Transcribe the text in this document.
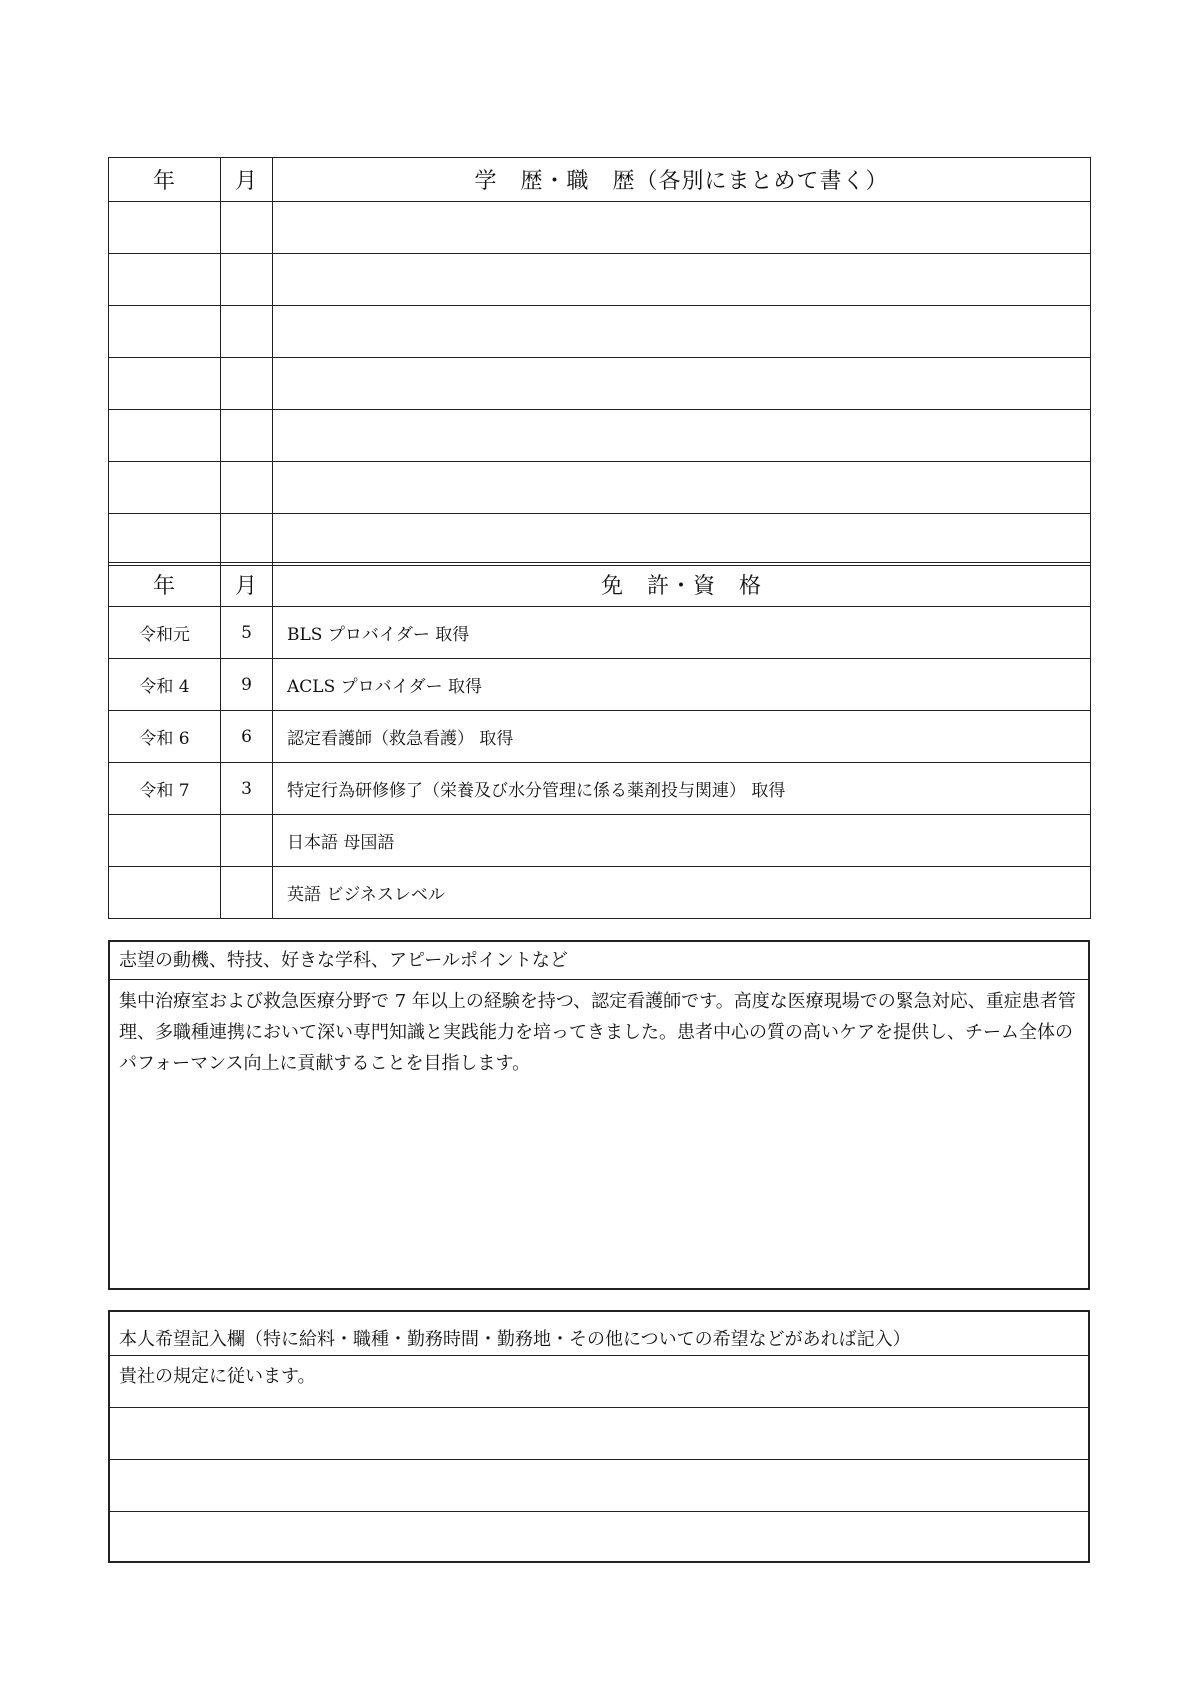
年	月	学　歴・職　歴（各別にまとめて書く）

年	月	免　許・資　格
令和元	5	BLS プロバイダー 取得
令和 4	9	ACLS プロバイダー 取得
令和 6	6	認定看護師（救急看護） 取得
令和 7	3	特定行為研修修了（栄養及び水分管理に係る薬剤投与関連） 取得
		日本語 母国語
		英語 ビジネスレベル
志望の動機、特技、好きな学科、アピールポイントなど
集中治療室および救急医療分野で 7 年以上の経験を持つ、認定看護師です。高度な医療現場での緊急対応、重症患者管理、多職種連携において深い専門知識と実践能力を培ってきました。患者中心の質の高いケアを提供し、チーム全体のパフォーマンス向上に貢献することを目指します。
本人希望記入欄（特に給料・職種・勤務時間・勤務地・その他についての希望などがあれば記入）
貴社の規定に従います。
